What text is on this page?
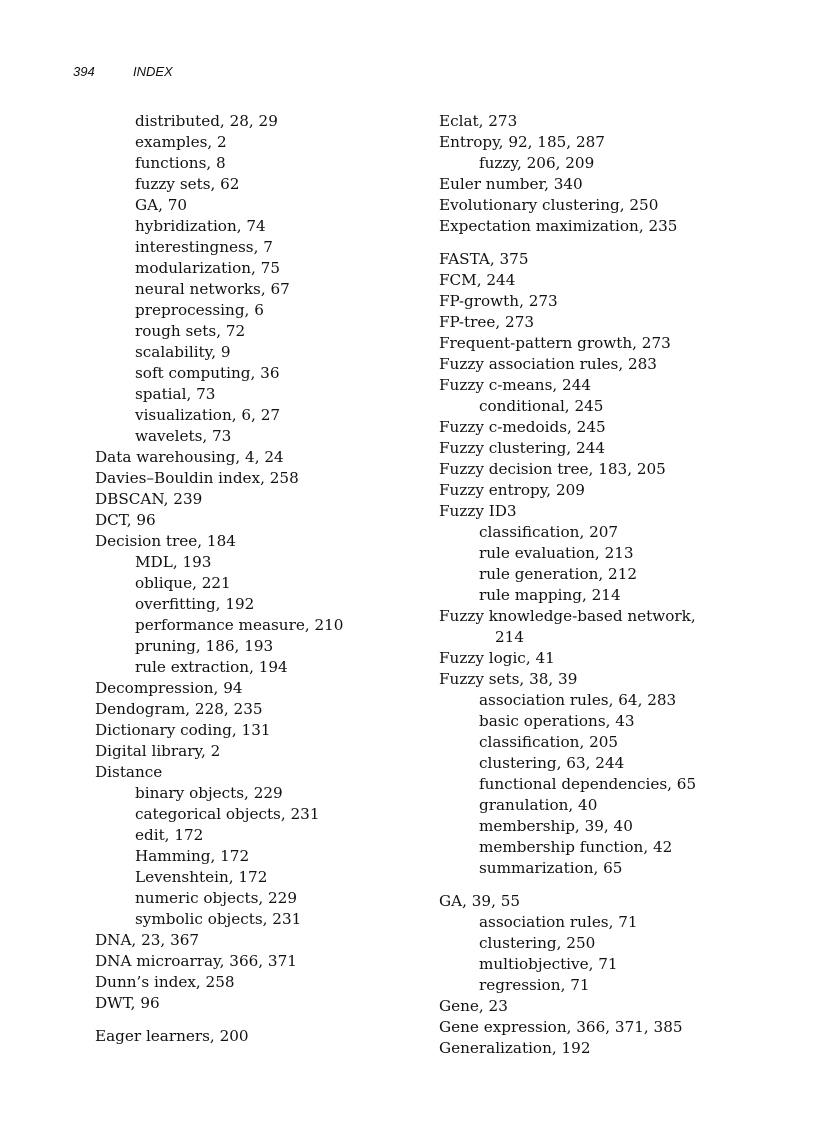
394	INDEX
distributed, 28, 29
examples, 2
functions, 8
fuzzy sets, 62
GA, 70
hybridization, 74
interestingness, 7
modularization, 75
neural networks, 67
preprocessing, 6
rough sets, 72
scalability, 9
soft computing, 36
spatial, 73
visualization, 6, 27
wavelets, 73
Data warehousing, 4, 24
Davies–Bouldin index, 258
DBSCAN, 239
DCT, 96
Decision tree, 184
MDL, 193
oblique, 221
overfitting, 192
performance measure, 210
pruning, 186, 193
rule extraction, 194
Decompression, 94
Dendogram, 228, 235
Dictionary coding, 131
Digital library, 2
Distance
binary objects, 229
categorical objects, 231
edit, 172
Hamming, 172
Levenshtein, 172
numeric objects, 229
symbolic objects, 231
DNA, 23, 367
DNA microarray, 366, 371
Dunn’s index, 258
DWT, 96
Eager learners, 200
Eclat, 273
Entropy, 92, 185, 287
fuzzy, 206, 209
Euler number, 340
Evolutionary clustering, 250
Expectation maximization, 235
FASTA, 375
FCM, 244
FP-growth, 273
FP-tree, 273
Frequent-pattern growth, 273
Fuzzy association rules, 283
Fuzzy c-means, 244
conditional, 245
Fuzzy c-medoids, 245
Fuzzy clustering, 244
Fuzzy decision tree, 183, 205
Fuzzy entropy, 209
Fuzzy ID3
classification, 207
rule evaluation, 213
rule generation, 212
rule mapping, 214
Fuzzy knowledge-based network,
214
Fuzzy logic, 41
Fuzzy sets, 38, 39
association rules, 64, 283
basic operations, 43
classification, 205
clustering, 63, 244
functional dependencies, 65
granulation, 40
membership, 39, 40
membership function, 42
summarization, 65
GA, 39, 55
association rules, 71
clustering, 250
multiobjective, 71
regression, 71
Gene, 23
Gene expression, 366, 371, 385
Generalization, 192
